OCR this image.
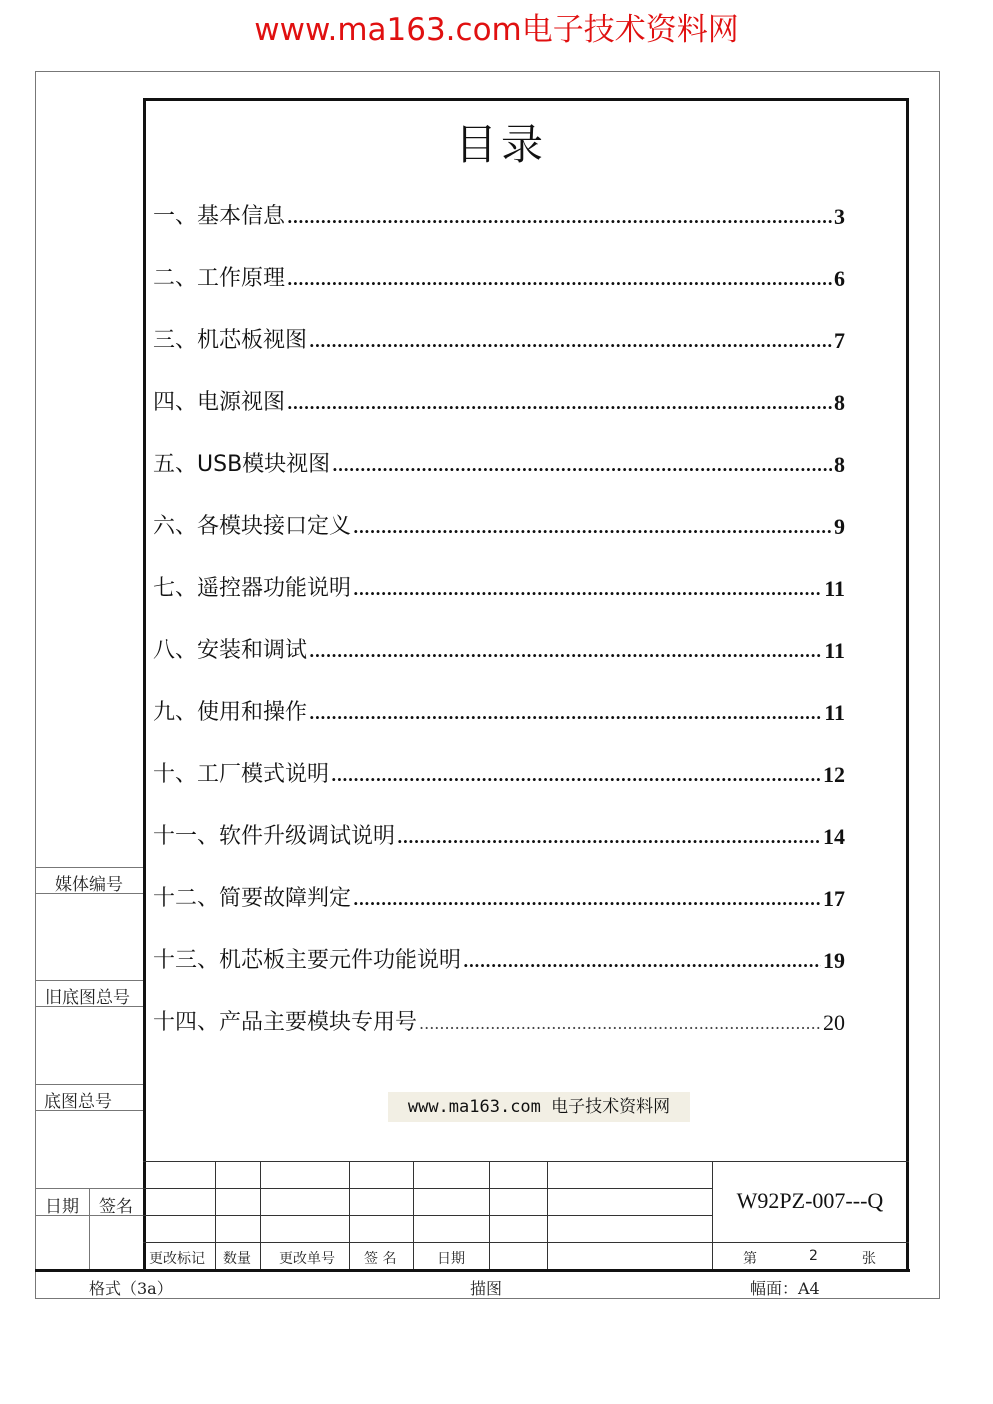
www.ma163.com电子技术资料网
目录
一、基本信息 .....	3
二、工作原理 .....	6
三、机芯板视图 .....	7
四、电源视图 .....	8
五、USB模块视图 .....	8
六、各模块接口定义 .....	9
七、遥控器功能说明 .....	11
八、安装和调试 .....	11
九、使用和操作 .....	11
十、工厂模式说明 .....	12
十一、软件升级调试说明 .....	14
十二、简要故障判定 .....	17
十三、机芯板主要元件功能说明 .....	19
十四、产品主要模块专用号 .....	20
媒体编号
旧底图总号
底图总号
日期 签名
www.ma163.com 电子技术资料网
更改标记 数量 更改单号 签 名	日期
W92PZ-007---Q
第	2	张
格式（3a）	描图	幅面：A4
